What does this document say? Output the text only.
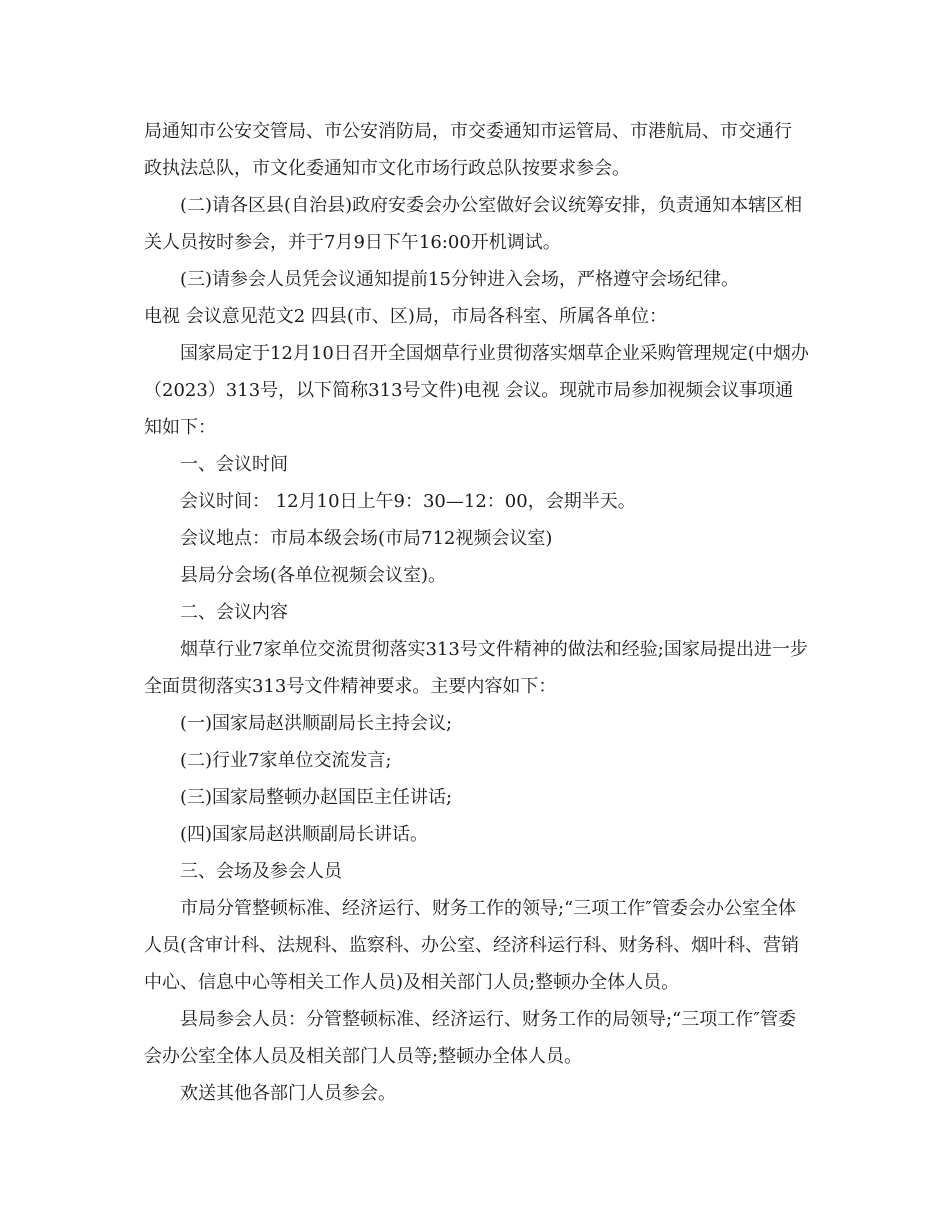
局通知市公安交管局、市公安消防局，市交委通知市运管局、市港航局、市交通行政执法总队，市文化委通知市文化市场行政总队按要求参会。

(二)请各区县(自治县)政府安委会办公室做好会议统筹安排，负责通知本辖区相关人员按时参会，并于7月9日下午16:00开机调试。

(三)请参会人员凭会议通知提前15分钟进入会场，严格遵守会场纪律。

电视 会议意见范文2 四县(市、区)局，市局各科室、所属各单位：

国家局定于12月10日召开全国烟草行业贯彻落实烟草企业采购管理规定(中烟办（2023）313号，以下简称313号文件)电视 会议。现就市局参加视频会议事项通知如下：

一、会议时间

会议时间： 12月10日上午9：30—12：00，会期半天。

会议地点：市局本级会场(市局712视频会议室)

县局分会场(各单位视频会议室)。

二、会议内容

烟草行业7家单位交流贯彻落实313号文件精神的做法和经验;国家局提出进一步全面贯彻落实313号文件精神要求。主要内容如下：

(一)国家局赵洪顺副局长主持会议;

(二)行业7家单位交流发言;

(三)国家局整顿办赵国臣主任讲话;

(四)国家局赵洪顺副局长讲话。

三、会场及参会人员

市局分管整顿标准、经济运行、财务工作的领导;“三项工作″管委会办公室全体人员(含审计科、法规科、监察科、办公室、经济科运行科、财务科、烟叶科、营销中心、信息中心等相关工作人员)及相关部门人员;整顿办全体人员。

县局参会人员：分管整顿标准、经济运行、财务工作的局领导;“三项工作″管委会办公室全体人员及相关部门人员等;整顿办全体人员。

欢送其他各部门人员参会。
